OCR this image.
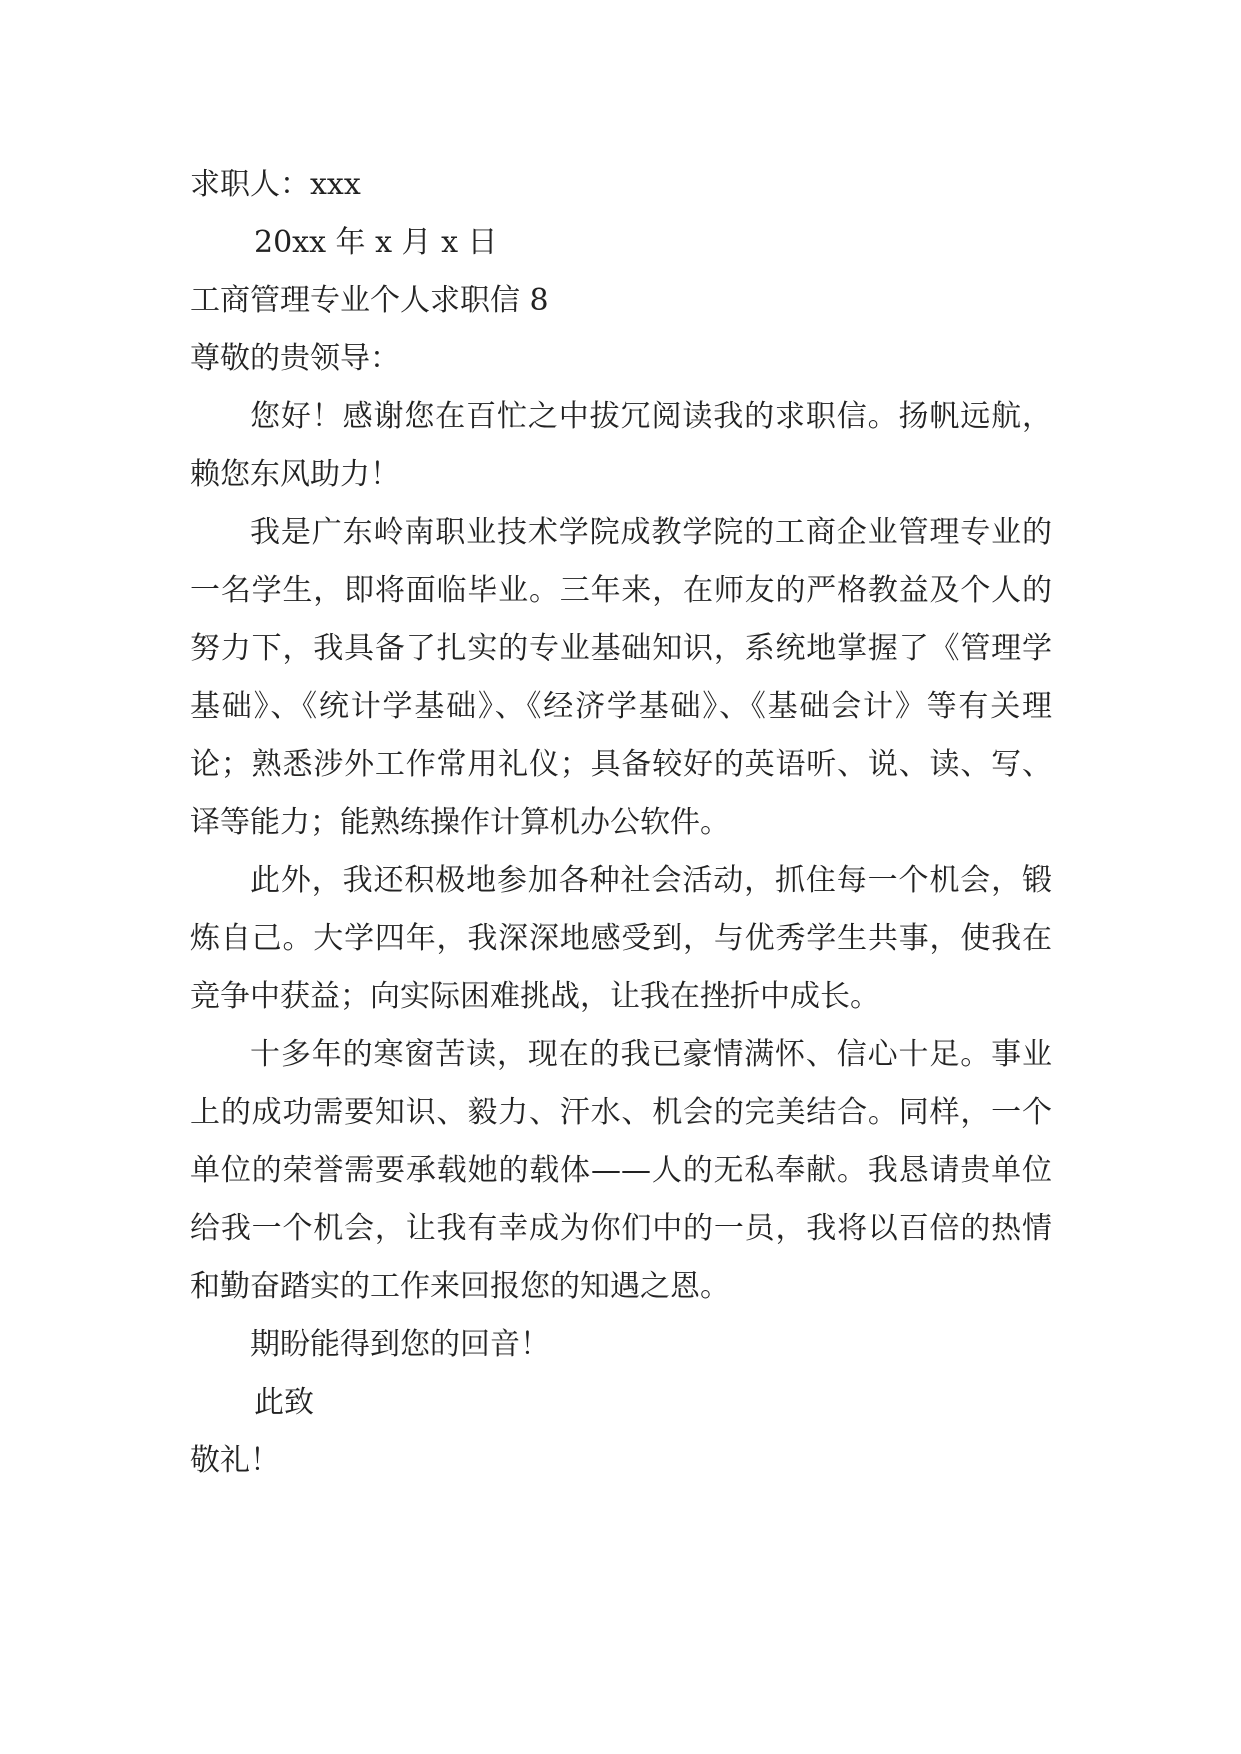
求职人：xxx
20xx 年 x 月 x 日
工商管理专业个人求职信 8
尊敬的贵领导：

您好！感谢您在百忙之中拔冗阅读我的求职信。扬帆远航，赖您东风助力！

我是广东岭南职业技术学院成教学院的工商企业管理专业的一名学生，即将面临毕业。三年来，在师友的严格教益及个人的努力下，我具备了扎实的专业基础知识，系统地掌握了《管理学基础》、《统计学基础》、《经济学基础》、《基础会计》等有关理论；熟悉涉外工作常用礼仪；具备较好的英语听、说、读、写、译等能力；能熟练操作计算机办公软件。

此外，我还积极地参加各种社会活动，抓住每一个机会，锻炼自己。大学四年，我深深地感受到，与优秀学生共事，使我在竞争中获益；向实际困难挑战，让我在挫折中成长。

十多年的寒窗苦读，现在的我已豪情满怀、信心十足。事业上的成功需要知识、毅力、汗水、机会的完美结合。同样，一个单位的荣誉需要承载她的载体——人的无私奉献。我恳请贵单位给我一个机会，让我有幸成为你们中的一员，我将以百倍的热情和勤奋踏实的工作来回报您的知遇之恩。

期盼能得到您的回音！

此致
敬礼！
